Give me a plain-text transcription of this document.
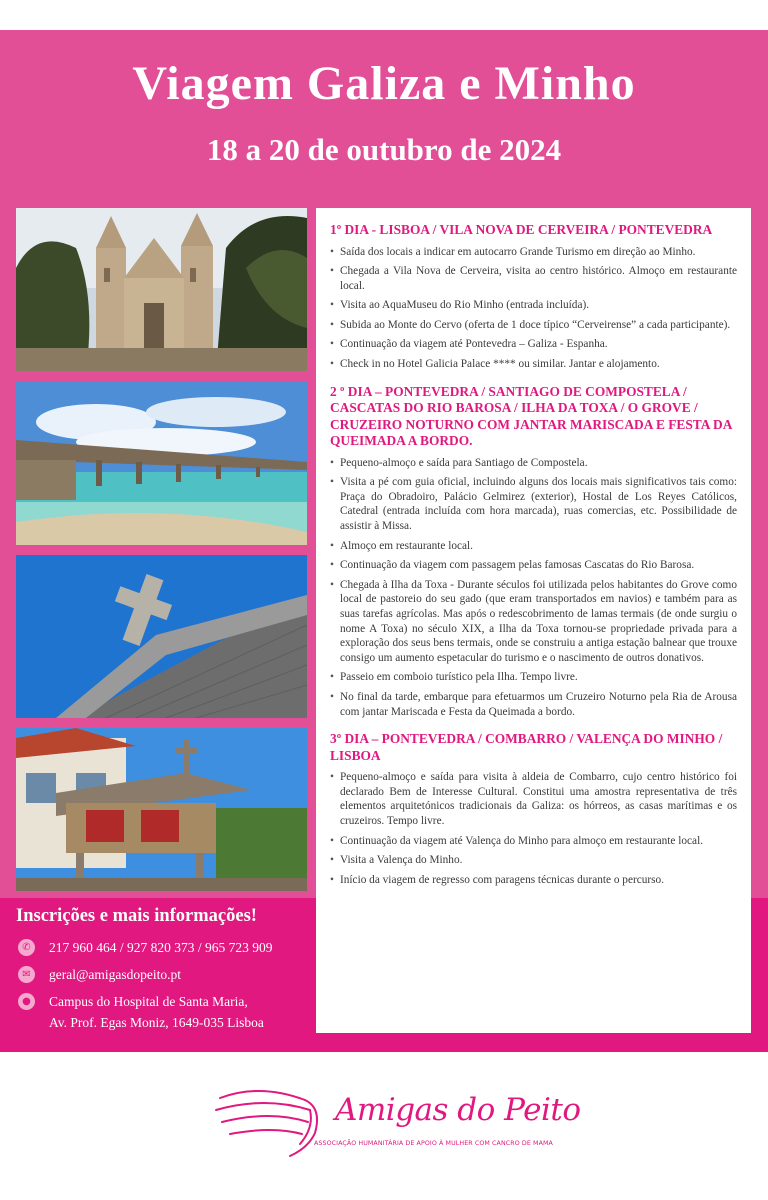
Viagem Galiza e Minho
18 a 20 de outubro de 2024
Inscrições e mais informações!
✆	217 960 464 / 927 820 373 / 965 723 909
✉	geral@amigasdopeito.pt
●	Campus do Hospital de Santa Maria,
Av. Prof. Egas Moniz, 1649-035 Lisboa
1º DIA - LISBOA / VILA NOVA DE CERVEIRA / PONTEVEDRA
• Saída dos locais a indicar em autocarro Grande Turismo em direção ao Minho.
• Chegada a Vila Nova de Cerveira, visita ao centro histórico. Almoço em restaurante local.
• Visita ao AquaMuseu do Rio Minho (entrada incluída).
• Subida ao Monte do Cervo (oferta de 1 doce típico “Cerveirense” a cada participante).
• Continuação da viagem até Pontevedra – Galiza - Espanha.
• Check in no Hotel Galicia Palace **** ou similar. Jantar e alojamento.
2 º DIA – PONTEVEDRA / SANTIAGO DE COMPOSTELA / CASCATAS DO RIO BAROSA / ILHA DA TOXA / O GROVE / CRUZEIRO NOTURNO COM JANTAR MARISCADA E FESTA DA QUEIMADA A BORDO.
• Pequeno-almoço e saída para Santiago de Compostela.
• Visita a pé com guia oficial, incluindo alguns dos locais mais significativos tais como: Praça do Obradoiro, Palácio Gelmirez (exterior), Hostal de Los Reyes Católicos, Catedral (entrada incluída com hora marcada), ruas comercias, etc. Possibilidade de assistir à Missa.
• Almoço em restaurante local.
• Continuação da viagem com passagem pelas famosas Cascatas do Rio Barosa.
• Chegada à Ilha da Toxa - Durante séculos foi utilizada pelos habitantes do Grove como local de pastoreio do seu gado (que eram transportados em navios) e também para as suas tarefas agrícolas. Mas após o redescobrimento de lamas termais (de onde surgiu o nome A Toxa) no século XIX, a Ilha da Toxa tornou-se propriedade privada para a exploração dos seus bens termais, onde se construiu a antiga estação balnear que trouxe consigo um aumento espetacular do turismo e o nascimento de outros donativos.
• Passeio em comboio turístico pela Ilha. Tempo livre.
• No final da tarde, embarque para efetuarmos um Cruzeiro Noturno pela Ria de Arousa com jantar Mariscada e Festa da Queimada a bordo.
3º DIA – PONTEVEDRA / COMBARRO / VALENÇA DO MINHO / LISBOA
• Pequeno-almoço e saída para visita à aldeia de Combarro, cujo centro histórico foi declarado Bem de Interesse Cultural. Constitui uma amostra representativa de três elementos arquitetónicos tradicionais da Galiza: os hórreos, as casas marítimas e os cruzeiros. Tempo livre.
• Continuação da viagem até Valença do Minho para almoço em restaurante local.
• Visita a Valença do Minho.
• Início da viagem de regresso com paragens técnicas durante o percurso.
Amigas do Peito
ASSOCIAÇÃO HUMANITÁRIA DE APOIO À MULHER COM CANCRO DE MAMA
